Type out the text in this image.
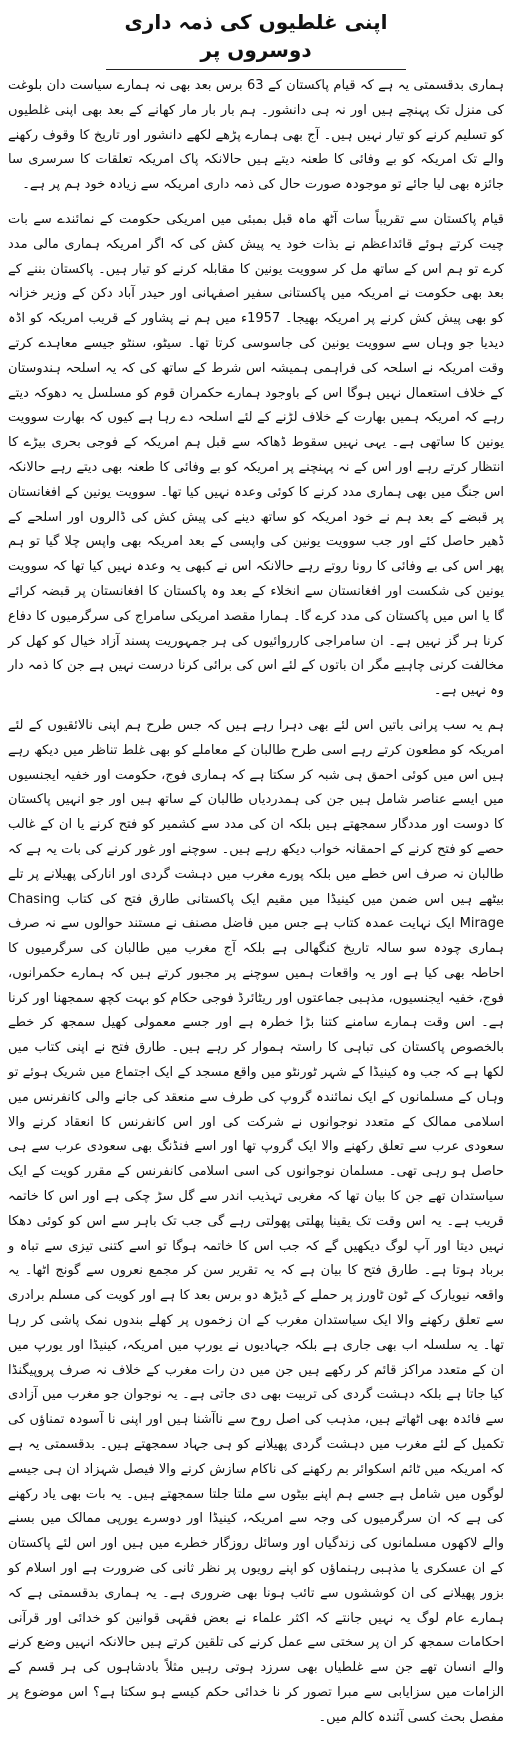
اپنی غلطیوں کی ذمہ داری دوسروں پر

ہماری بدقسمتی یہ ہے کہ قیام پاکستان کے 63 برس بعد بھی نہ ہمارے سیاست دان بلوغت کی منزل تک پہنچے ہیں اور نہ ہی دانشور۔ ہم بار بار مار کھانے کے بعد بھی اپنی غلطیوں کو تسلیم کرنے کو تیار نہیں ہیں۔ آج بھی ہمارے پڑھے لکھے دانشور اور تاریخ کا وقوف رکھنے والے تک امریکہ کو بے وفائی کا طعنہ دیتے ہیں حالانکہ پاک امریکہ تعلقات کا سرسری سا جائزہ بھی لیا جائے تو موجودہ صورت حال کی ذمہ داری امریکہ سے زیادہ خود ہم پر ہے۔

قیام پاکستان سے تقریباً سات آٹھ ماہ قبل بمبئی میں امریکی حکومت کے نمائندے سے بات چیت کرتے ہوئے قائداعظم نے بذات خود یہ پیش کش کی کہ اگر امریکہ ہماری مالی مدد کرے تو ہم اس کے ساتھ مل کر سوویت یونین کا مقابلہ کرنے کو تیار ہیں۔ پاکستان بننے کے بعد بھی حکومت نے امریکہ میں پاکستانی سفیر اصفہانی اور حیدر آباد دکن کے وزیر خزانہ کو بھی پیش کش کرنے پر امریکہ بھیجا۔ 1957ء میں ہم نے پشاور کے قریب امریکہ کو اڈہ دیدیا جو وہاں سے سوویت یونین کی جاسوسی کرتا تھا۔ سیٹو، سنٹو جیسے معاہدے کرتے وقت امریکہ نے اسلحہ کی فراہمی ہمیشہ اس شرط کے ساتھ کی کہ یہ اسلحہ ہندوستان کے خلاف استعمال نہیں ہوگا اس کے باوجود ہمارے حکمران قوم کو مسلسل یہ دھوکہ دیتے رہے کہ امریکہ ہمیں بھارت کے خلاف لڑنے کے لئے اسلحہ دے رہا ہے کیوں کہ بھارت سوویت یونین کا ساتھی ہے۔ یہی نہیں سقوط ڈھاکہ سے قبل ہم امریکہ کے فوجی بحری بیڑے کا انتظار کرتے رہے اور اس کے نہ پہنچنے پر امریکہ کو بے وفائی کا طعنہ بھی دیتے رہے حالانکہ اس جنگ میں بھی ہماری مدد کرنے کا کوئی وعدہ نہیں کیا تھا۔ سوویت یونین کے افغانستان پر قبضے کے بعد ہم نے خود امریکہ کو ساتھ دینے کی پیش کش کی ڈالروں اور اسلحے کے ڈھیر حاصل کئے اور جب سوویت یونین کی واپسی کے بعد امریکہ بھی واپس چلا گیا تو ہم پھر اس کی بے وفائی کا رونا روتے رہے حالانکہ اس نے کبھی یہ وعدہ نہیں کیا تھا کہ سوویت یونین کی شکست اور افغانستان سے انخلاء کے بعد وہ پاکستان کا افغانستان پر قبضہ کرائے گا یا اس میں پاکستان کی مدد کرے گا۔ ہمارا مقصد امریکی سامراج کی سرگرمیوں کا دفاع کرنا ہر گز نہیں ہے۔ ان سامراجی کارروائیوں کی ہر جمہوریت پسند آزاد خیال کو کھل کر مخالفت کرنی چاہیے مگر ان باتوں کے لئے اس کی برائی کرنا درست نہیں ہے جن کا ذمہ دار وہ نہیں ہے۔

ہم یہ سب پرانی باتیں اس لئے بھی دہرا رہے ہیں کہ جس طرح ہم اپنی نالائقیوں کے لئے امریکہ کو مطعون کرتے رہے اسی طرح طالبان کے معاملے کو بھی غلط تناظر میں دیکھ رہے ہیں اس میں کوئی احمق ہی شبہ کر سکتا ہے کہ ہماری فوج، حکومت اور خفیہ ایجنسیوں میں ایسے عناصر شامل ہیں جن کی ہمدردیاں طالبان کے ساتھ ہیں اور جو انہیں پاکستان کا دوست اور مددگار سمجھتے ہیں بلکہ ان کی مدد سے کشمیر کو فتح کرنے یا ان کے غالب حصے کو فتح کرنے کے احمقانہ خواب دیکھ رہے ہیں۔ سوچنے اور غور کرنے کی بات یہ ہے کہ طالبان نہ صرف اس خطے میں بلکہ پورے مغرب میں دہشت گردی اور انارکی پھیلانے پر تلے بیٹھے ہیں اس ضمن میں کینیڈا میں مقیم ایک پاکستانی طارق فتح کی کتاب Chasing Mirage ایک نہایت عمدہ کتاب ہے جس میں فاضل مصنف نے مستند حوالوں سے نہ صرف ہماری چودہ سو سالہ تاریخ کنگھالی ہے بلکہ آج مغرب میں طالبان کی سرگرمیوں کا احاطہ بھی کیا ہے اور یہ واقعات ہمیں سوچنے پر مجبور کرتے ہیں کہ ہمارے حکمرانوں، فوج، خفیہ ایجنسیوں، مذہبی جماعتوں اور ریٹائرڈ فوجی حکام کو بہت کچھ سمجھنا اور کرنا ہے۔ اس وقت ہمارے سامنے کتنا بڑا خطرہ ہے اور جسے معمولی کھیل سمجھ کر خطے بالخصوص پاکستان کی تباہی کا راستہ ہموار کر رہے ہیں۔ طارق فتح نے اپنی کتاب میں لکھا ہے کہ جب وہ کینیڈا کے شہر ٹورنٹو میں واقع مسجد کے ایک اجتماع میں شریک ہوئے تو وہاں کے مسلمانوں کے ایک نمائندہ گروپ کی طرف سے منعقد کی جانے والی کانفرنس میں اسلامی ممالک کے متعدد نوجوانوں نے شرکت کی اور اس کانفرنس کا انعقاد کرنے والا سعودی عرب سے تعلق رکھنے والا ایک گروپ تھا اور اسے فنڈنگ بھی سعودی عرب سے ہی حاصل ہو رہی تھی۔ مسلمان نوجوانوں کی اسی اسلامی کانفرنس کے مقرر کویت کے ایک سیاستدان تھے جن کا بیان تھا کہ مغربی تہذیب اندر سے گل سڑ چکی ہے اور اس کا خاتمہ قریب ہے۔ یہ اس وقت تک یقینا پھلتی پھولتی رہے گی جب تک باہر سے اس کو کوئی دھکا نہیں دیتا اور آپ لوگ دیکھیں گے کہ جب اس کا خاتمہ ہوگا تو اسے کتنی تیزی سے تباہ و برباد ہوتا ہے۔ طارق فتح کا بیان ہے کہ یہ تقریر سن کر مجمع نعروں سے گونج اٹھا۔ یہ واقعہ نیویارک کے ٹون ٹاورز پر حملے کے ڈیڑھ دو برس بعد کا ہے اور کویت کی مسلم برادری سے تعلق رکھنے والا ایک سیاستدان مغرب کے ان زخموں پر کھلے بندوں نمک پاشی کر رہا تھا۔ یہ سلسلہ اب بھی جاری ہے بلکہ جہادیوں نے یورپ میں امریکہ، کینیڈا اور یورپ میں ان کے متعدد مراکز قائم کر رکھے ہیں جن میں دن رات مغرب کے خلاف نہ صرف پروپیگنڈا کیا جاتا ہے بلکہ دہشت گردی کی تربیت بھی دی جاتی ہے۔ یہ نوجوان جو مغرب میں آزادی سے فائدہ بھی اٹھاتے ہیں، مذہب کی اصل روح سے ناآشنا ہیں اور اپنی نا آسودہ تمناؤں کی تکمیل کے لئے مغرب میں دہشت گردی پھیلانے کو ہی جہاد سمجھتے ہیں۔ بدقسمتی یہ ہے کہ امریکہ میں ٹائم اسکوائر بم رکھنے کی ناکام سازش کرنے والا فیصل شہزاد ان ہی جیسے لوگوں میں شامل ہے جسے ہم اپنے بیٹوں سے ملتا جلتا سمجھتے ہیں۔ یہ بات بھی یاد رکھنے کی ہے کہ ان سرگرمیوں کی وجہ سے امریکہ، کینیڈا اور دوسرے یورپی ممالک میں بسنے والے لاکھوں مسلمانوں کی زندگیاں اور وسائل روزگار خطرے میں ہیں اور اس لئے پاکستان کے ان عسکری یا مذہبی رہنماؤں کو اپنے رویوں پر نظر ثانی کی ضرورت ہے اور اسلام کو بزور پھیلانے کی ان کوششوں سے تائب ہونا بھی ضروری ہے۔ یہ ہماری بدقسمتی ہے کہ ہمارے عام لوگ یہ نہیں جانتے کہ اکثر علماء نے بعض فقہی قوانین کو خدائی اور قرآنی احکامات سمجھ کر ان پر سختی سے عمل کرنے کی تلقین کرتے ہیں حالانکہ انہیں وضع کرنے والے انسان تھے جن سے غلطیاں بھی سرزد ہوتی رہیں مثلاً بادشاہوں کی ہر قسم کے الزامات میں سزایابی سے مبرا تصور کر نا خدائی حکم کیسے ہو سکتا ہے؟ اس موضوع پر مفصل بحث کسی آئندہ کالم میں۔
